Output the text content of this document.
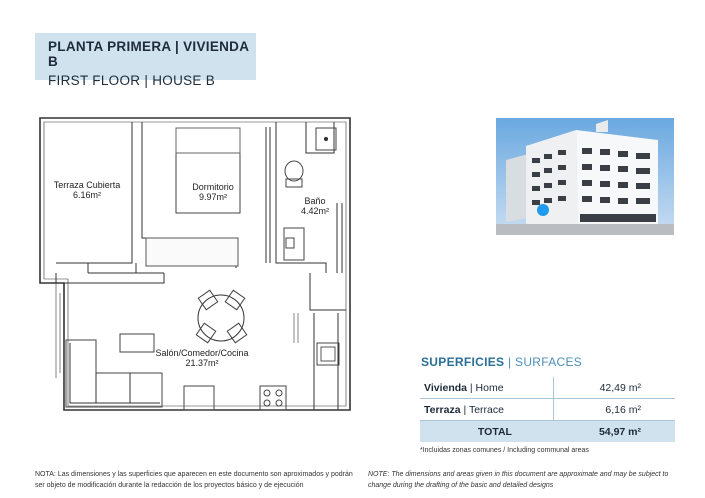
PLANTA PRIMERA | VIVIENDA B
FIRST FLOOR | HOUSE B
Terraza Cubierta
6.16m²
Dormitorio
9.97m²	Baño
4.42m²
Salón/Comedor/Cocina
21.37m²	SUPERFICIES | SURFACES
Vivienda | Home	42,49 m²
Terraza | Terrace	6,16 m²
TOTAL	54,97 m²
*Incluidas zonas comunes / Including communal areas
NOTA: Las dimensiones y las superficies que aparecen en este documento son aproximados y podrán ser objeto de modificación durante la redacción de los proyectos básico y de ejecución
NOTE: The dimensions and areas given in this document are approximate and may be subject to change during the drafting of the basic and detailed designs
